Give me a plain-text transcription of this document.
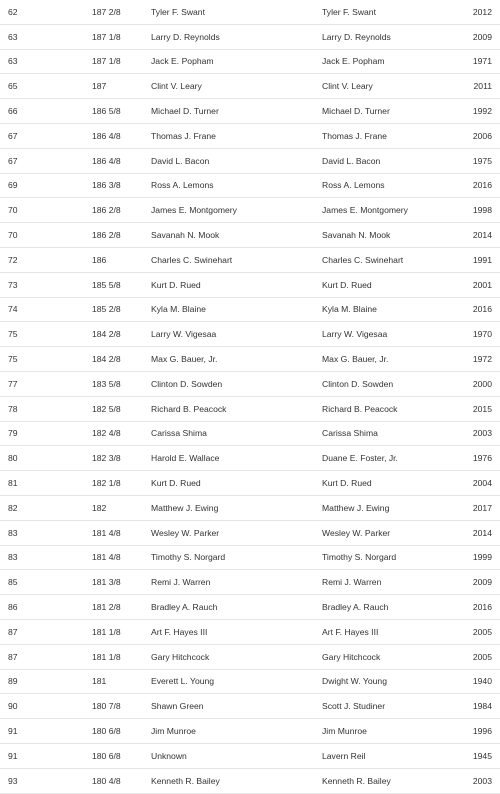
62	187 2/8	Tyler F. Swant	Tyler F. Swant	2012
63	187 1/8	Larry D. Reynolds	Larry D. Reynolds	2009
63	187 1/8	Jack E. Popham	Jack E. Popham	1971
65	187	Clint V. Leary	Clint V. Leary	2011
66	186 5/8	Michael D. Turner	Michael D. Turner	1992
67	186 4/8	Thomas J. Frane	Thomas J. Frane	2006
67	186 4/8	David L. Bacon	David L. Bacon	1975
69	186 3/8	Ross A. Lemons	Ross A. Lemons	2016
70	186 2/8	James E. Montgomery	James E. Montgomery	1998
70	186 2/8	Savanah N. Mook	Savanah N. Mook	2014
72	186	Charles C. Swinehart	Charles C. Swinehart	1991
73	185 5/8	Kurt D. Rued	Kurt D. Rued	2001
74	185 2/8	Kyla M. Blaine	Kyla M. Blaine	2016
75	184 2/8	Larry W. Vigesaa	Larry W. Vigesaa	1970
75	184 2/8	Max G. Bauer, Jr.	Max G. Bauer, Jr.	1972
77	183 5/8	Clinton D. Sowden	Clinton D. Sowden	2000
78	182 5/8	Richard B. Peacock	Richard B. Peacock	2015
79	182 4/8	Carissa Shima	Carissa Shima	2003
80	182 3/8	Harold E. Wallace	Duane E. Foster, Jr.	1976
81	182 1/8	Kurt D. Rued	Kurt D. Rued	2004
82	182	Matthew J. Ewing	Matthew J. Ewing	2017
83	181 4/8	Wesley W. Parker	Wesley W. Parker	2014
83	181 4/8	Timothy S. Norgard	Timothy S. Norgard	1999
85	181 3/8	Remi J. Warren	Remi J. Warren	2009
86	181 2/8	Bradley A. Rauch	Bradley A. Rauch	2016
87	181 1/8	Art F. Hayes III	Art F. Hayes III	2005
87	181 1/8	Gary Hitchcock	Gary Hitchcock	2005
89	181	Everett L. Young	Dwight W. Young	1940
90	180 7/8	Shawn Green	Scott J. Studiner	1984
91	180 6/8	Jim Munroe	Jim Munroe	1996
91	180 6/8	Unknown	Lavern Reil	1945
93	180 4/8	Kenneth R. Bailey	Kenneth R. Bailey	2003
